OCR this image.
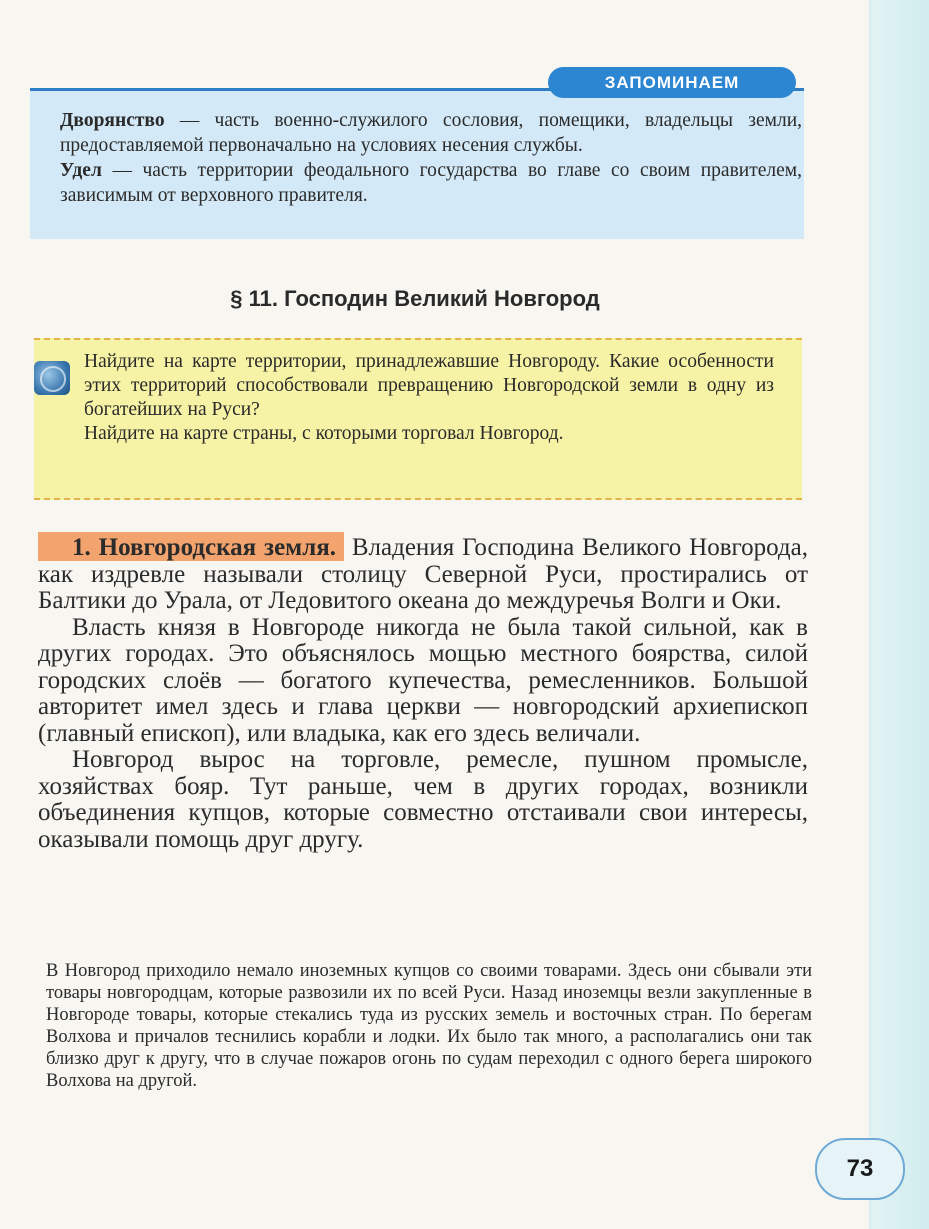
ЗАПОМИНАЕМ

Дворянство — часть военно-служилого сословия, помещики, владельцы земли, предоставляемой первоначально на условиях несения службы.

Удел — часть территории феодального государства во главе со своим правителем, зависимым от верховного правителя.

§ 11. Господин Великий Новгород

Найдите на карте территории, принадлежавшие Новгороду. Какие особенности этих территорий способствовали превращению Новгородской земли в одну из богатейших на Руси?

Найдите на карте страны, с которыми торговал Новгород.

1. Новгородская земля. Владения Господина Великого Новгорода, как издревле называли столицу Северной Руси, простирались от Балтики до Урала, от Ледовитого океана до междуречья Волги и Оки.

Власть князя в Новгороде никогда не была такой сильной, как в других городах. Это объяснялось мощью местного боярства, силой городских слоёв — богатого купечества, ремесленников. Большой авторитет имел здесь и глава церкви — новгородский архиепископ (главный епископ), или владыка, как его здесь величали.

Новгород вырос на торговле, ремесле, пушном промысле, хозяйствах бояр. Тут раньше, чем в других городах, возникли объединения купцов, которые совместно отстаивали свои интересы, оказывали помощь друг другу.

В Новгород приходило немало иноземных купцов со своими товарами. Здесь они сбывали эти товары новгородцам, которые развозили их по всей Руси. Назад иноземцы везли закупленные в Новгороде товары, которые стекались туда из русских земель и восточных стран. По берегам Волхова и причалов теснились корабли и лодки. Их было так много, а располагались они так близко друг к другу, что в случае пожаров огонь по судам переходил с одного берега широкого Волхова на другой.

73
